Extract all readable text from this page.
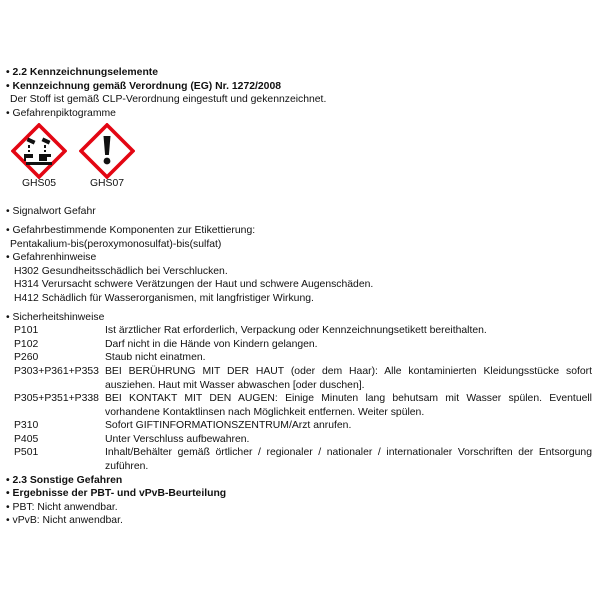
• 2.2 Kennzeichnungselemente
• Kennzeichnung gemäß Verordnung (EG) Nr. 1272/2008
Der Stoff ist gemäß CLP-Verordnung eingestuft und gekennzeichnet.
• Gefahrenpiktogramme
GHS05	GHS07
• Signalwort Gefahr
• Gefahrbestimmende Komponenten zur Etikettierung:
Pentakalium-bis(peroxymonosulfat)-bis(sulfat)
• Gefahrenhinweise
H302 Gesundheitsschädlich bei Verschlucken.
H314 Verursacht schwere Verätzungen der Haut und schwere Augenschäden.
H412 Schädlich für Wasserorganismen, mit langfristiger Wirkung.
• Sicherheitshinweise
P101	Ist ärztlicher Rat erforderlich, Verpackung oder Kennzeichnungsetikett bereithalten.
P102	Darf nicht in die Hände von Kindern gelangen.
P260	Staub nicht einatmen.
P303+P361+P353 BEI BERÜHRUNG MIT DER HAUT (oder dem Haar): Alle kontaminierten Kleidungsstücke sofort ausziehen. Haut mit Wasser abwaschen [oder duschen].
P305+P351+P338 BEI KONTAKT MIT DEN AUGEN: Einige Minuten lang behutsam mit Wasser spülen. Eventuell vorhandene Kontaktlinsen nach Möglichkeit entfernen. Weiter spülen.
P310	Sofort GIFTINFORMATIONSZENTRUM/Arzt anrufen.
P405	Unter Verschluss aufbewahren.
P501	Inhalt/Behälter gemäß örtlicher / regionaler / nationaler / internationaler Vorschriften der Entsorgung zuführen.
• 2.3 Sonstige Gefahren
• Ergebnisse der PBT- und vPvB-Beurteilung
• PBT: Nicht anwendbar.
• vPvB: Nicht anwendbar.
